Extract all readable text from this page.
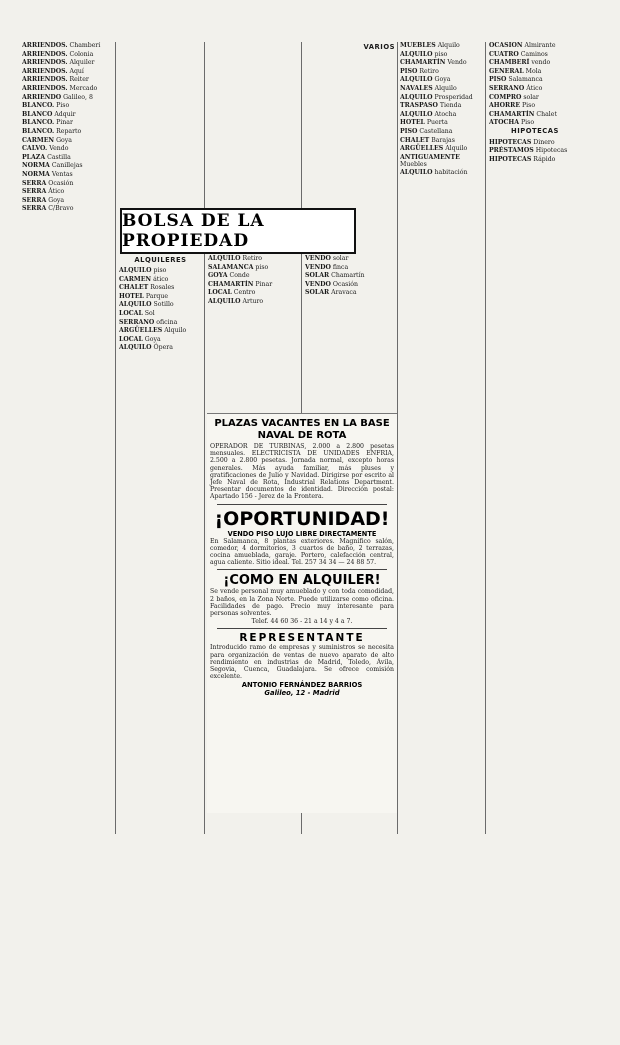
ARRIENDOS. Chamberí
ARRIENDOS. Colonia
ARRIENDOS. Alquiler
ARRIENDOS. Aquí
ARRIENDOS. Reiter
ARRIENDOS. Mercado
ARRIENDO Galileo, 8
BLANCO. Piso
BLANCO Adquir
BLANCO. Pinar
BLANCO. Reparto
CARMEN Goya
CALVO. Vendo
PLAZA Castilla
NORMA Canillejas
NORMA Ventas
SERRA Ocasión
SERRA Ático
SERRA Goya
SERRA C/Bravo
ALQUILERES
ALQUILO piso
CARMEN ático
CHALET Rosales
HOTEL Parque
ALQUILO Sotillo
LOCAL Sol
SERRANO oficina
ARGÜELLES Alquilo
LOCAL Goya
ALQUILO Ópera
ALQUILO Retiro
SALAMANCA piso
GOYA Conde
CHAMARTÍN Pinar
LOCAL Centro
ALQUILO Arturo
VENDO solar
VENDO finca
SOLAR Chamartín
VENDO Ocasión
SOLAR Aravaca
MUEBLES Alquilo
ALQUILO piso
CHAMARTÍN Vendo
PISO Retiro
ALQUILO Goya
NAVALES Alquilo
ALQUILO Prosperidad
TRASPASO Tienda
ALQUILO Atocha
HOTEL Puerta
PISO Castellana
CHALET Barajas
ARGÜELLES Alquilo
ANTIGUAMENTE Muebles
ALQUILO habitación
OCASIÓN Almirante
CUATRO Caminos
CHAMBERÍ vendo
GENERAL Mola
PISO Salamanca
SERRANO Ático
COMPRO solar
AHORRE Piso
CHAMARTÍN Chalet
ATOCHA Piso
HIPOTECAS
HIPOTECAS Dinero
PRÉSTAMOS Hipotecas
HIPOTECAS Rápido
VARIOS
BOLSA DE LA PROPIEDAD
PLAZAS VACANTES EN LA BASE NAVAL DE ROTA
OPERADOR DE TURBINAS, 2.000 a 2.800 pesetas mensuales. ELECTRICISTA DE UNIDADES ENFRIA, 2.500 a 2.800 pesetas. Jornada normal, excepto horas generales. Más ayuda familiar, más pluses y gratificaciones de Julio y Navidad. Dirigirse por escrito al Jefe Naval de Rota, Industrial Relations Department. Presentar documentos de identidad. Dirección postal: Apartado 156 - Jerez de la Frontera.
¡OPORTUNIDAD!
VENDO PISO LUJO LIBRE DIRECTAMENTE
En Salamanca, 8 plantas exteriores. Magnífico salón, comedor, 4 dormitorios, 3 cuartos de baño, 2 terrazas, cocina amueblada, garaje. Portero, calefacción central, agua caliente. Sitio ideal. Tel. 257 34 34 — 24 88 57.
¡COMO EN ALQUILER!
Se vende personal muy amueblado y con toda comodidad, 2 baños, en la Zona Norte. Puede utilizarse como oficina. Facilidades de pago. Precio muy interesante para personas solventes.
Telef. 44 60 36 - 21 a 14 y 4 a 7.
REPRESENTANTE
Introducido ramo de empresas y suministros se necesita para organización de ventas de nuevo aparato de alto rendimiento en industrias de Madrid, Toledo, Ávila, Segovia, Cuenca, Guadalajara. Se ofrece comisión excelente.
ANTONIO FERNÁNDEZ BARRIOS
Galileo, 12 - Madrid
